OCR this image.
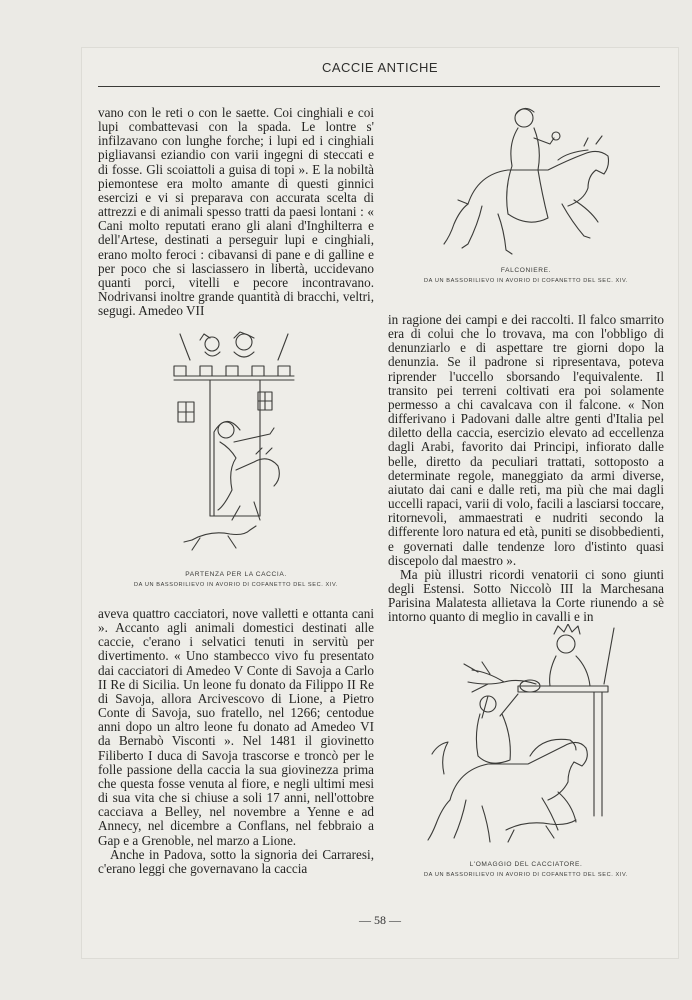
CACCIE ANTICHE

vano con le reti o con le saette. Coi cinghiali e coi lupi combattevasi con la spada. Le lontre s' infilzavano con lunghe forche; i lupi ed i cinghiali pigliavansi eziandio con varii ingegni di steccati e di fosse. Gli scoiattoli a guisa di topi ». E la nobiltà piemontese era molto amante di questi ginnici esercizi e vi si preparava con accurata scelta di attrezzi e di animali spesso tratti da paesi lontani : « Cani molto reputati erano gli alani d'Inghilterra e dell'Artese, destinati a perseguir lupi e cinghiali, erano molto feroci : cibavansi di pane e di galline e per poco che si lasciassero in libertà, uccidevano quanti porci, vitelli e pecore incontravano. Nodrivansi inoltre grande quantità di bracchi, veltri, segugi. Amedeo VII

PARTENZA PER LA CACCIA.
DA UN BASSORILIEVO IN AVORIO DI COFANETTO DEL SEC. XIV.

aveva quattro cacciatori, nove valletti e ottanta cani ». Accanto agli animali domestici destinati alle caccie, c'erano i selvatici tenuti in servitù per divertimento. « Uno stambecco vivo fu presentato dai cacciatori di Amedeo V Conte di Savoja a Carlo II Re di Sicilia. Un leone fu donato da Filippo II Re di Savoja, allora Arcivescovo di Lione, a Pietro Conte di Savoja, suo fratello, nel 1266; centodue anni dopo un altro leone fu donato ad Amedeo VI da Bernabò Visconti ». Nel 1481 il giovinetto Filiberto I duca di Savoja trascorse e troncò per le folle passione della caccia la sua giovinezza prima che questa fosse venuta al fiore, e negli ultimi mesi di sua vita che si chiuse a soli 17 anni, nell'ottobre cacciava a Belley, nel novembre a Yenne e ad Annecy, nel dicembre a Conflans, nel febbraio a Gap e a Grenoble, nel marzo a Lione.

Anche in Padova, sotto la signoria dei Carraresi, c'erano leggi che governavano la caccia

FALCONIERE.
DA UN BASSORILIEVO IN AVORIO DI COFANETTO DEL SEC. XIV.

in ragione dei campi e dei raccolti. Il falco smarrito era di colui che lo trovava, ma con l'obbligo di denunziarlo e di aspettare tre giorni dopo la denunzia. Se il padrone si ripresentava, poteva riprender l'uccello sborsando l'equivalente. Il transito pei terreni coltivati era poi solamente permesso a chi cavalcava con il falcone. « Non differivano i Padovani dalle altre genti d'Italia pel diletto della caccia, esercizio elevato ad eccellenza dagli Arabi, favorito dai Principi, infiorato dalle belle, diretto da peculiari trattati, sottoposto a determinate regole, maneggiato da armi diverse, aiutato dai cani e dalle reti, ma più che mai dagli uccelli rapaci, varii di volo, facili a lasciarsi toccare, ritornevoli, ammaestrati e nudriti secondo la differente loro natura ed età, puniti se disobbedienti, e governati dalle tendenze loro d'istinto quasi discepolo dal maestro ».

Ma più illustri ricordi venatorii ci sono giunti degli Estensi. Sotto Niccolò III la Marchesana Parisina Malatesta allietava la Corte riunendo a sè intorno quanto di meglio in cavalli e in

L'OMAGGIO DEL CACCIATORE.
DA UN BASSORILIEVO IN AVORIO DI COFANETTO DEL SEC. XIV.
— 58 —
